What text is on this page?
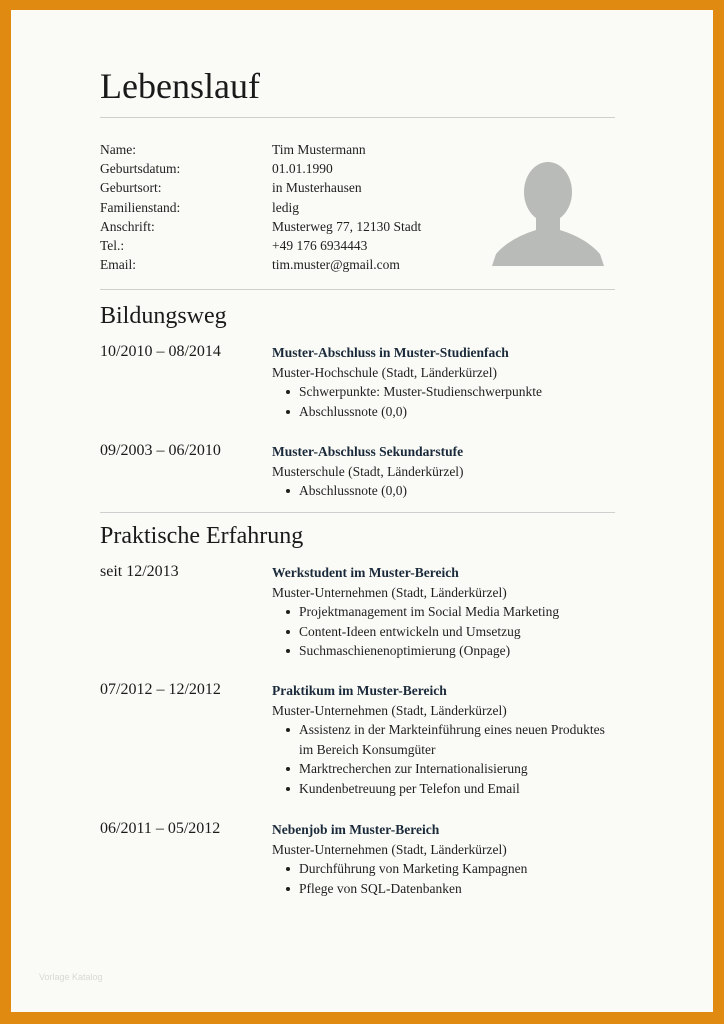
Lebenslauf
Name:	Tim Mustermann
Geburtsdatum:	01.01.1990
Geburtsort:	in Musterhausen
Familienstand:	ledig
Anschrift:	Musterweg 77, 12130 Stadt
Tel.:	+49 176 6934443
Email:	tim.muster@gmail.com
Bildungsweg
10/2010 – 08/2014	Muster-Abschluss in Muster-Studienfach
Muster-Hochschule (Stadt, Länderkürzel)
Schwerpunkte: Muster-Studienschwerpunkte
Abschlussnote (0,0)
09/2003 – 06/2010	Muster-Abschluss Sekundarstufe
Musterschule (Stadt, Länderkürzel)
Abschlussnote (0,0)
Praktische Erfahrung
seit 12/2013	Werkstudent im Muster-Bereich
Muster-Unternehmen (Stadt, Länderkürzel)
Projektmanagement im Social Media Marketing
Content-Ideen entwickeln und Umsetzug
Suchmaschienenoptimierung (Onpage)
07/2012 – 12/2012	Praktikum im Muster-Bereich
Muster-Unternehmen (Stadt, Länderkürzel)
Assistenz in der Markteinführung eines neuen Produktes im Bereich Konsumgüter
Marktrecherchen zur Internationalisierung
Kundenbetreuung per Telefon und Email
06/2011 – 05/2012	Nebenjob im Muster-Bereich
Muster-Unternehmen (Stadt, Länderkürzel)
Durchführung von Marketing Kampagnen
Pflege von SQL-Datenbanken
Vorlage Katalog
